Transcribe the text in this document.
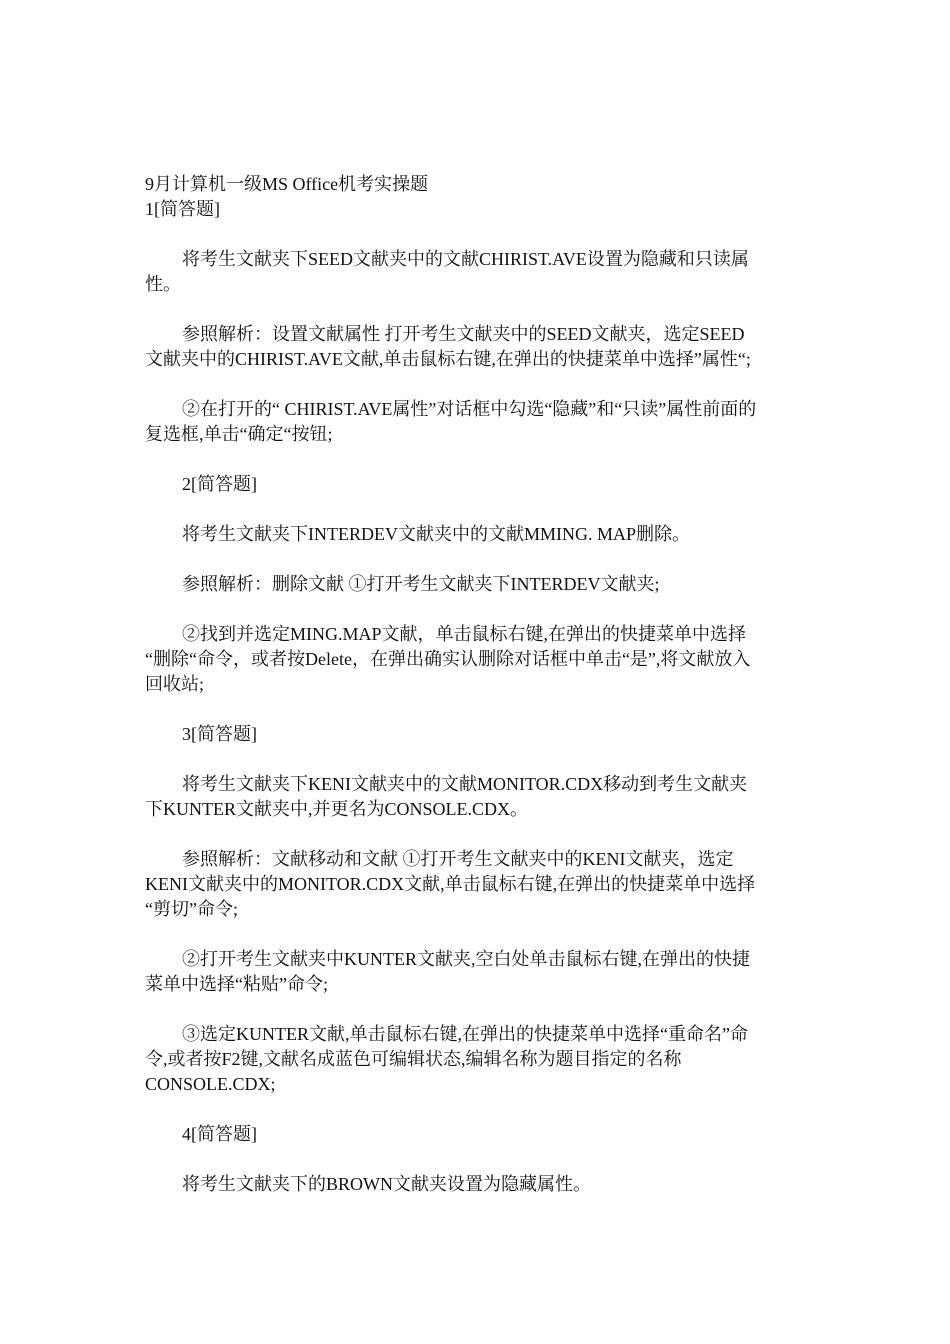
9月计算机一级MS Office机考实操题
1[简答题]
将考生文献夹下SEED文献夹中的文献CHIRIST.AVE设置为隐藏和只读属
性。
参照解析：设置文献属性 打开考生文献夹中的SEED文献夹，选定SEED
文献夹中的CHIRIST.AVE文献,单击鼠标右键,在弹出的快捷菜单中选择”属性“;
②在打开的“ CHIRIST.AVE属性”对话框中勾选“隐藏”和“只读”属性前面的
复选框,单击“确定“按钮;
2[简答题]
将考生文献夹下INTERDEV文献夹中的文献MMING. MAP删除。
参照解析：删除文献 ①打开考生文献夹下INTERDEV文献夹;
②找到并选定MING.MAP文献，单击鼠标右键,在弹出的快捷菜单中选择
“删除“命令，或者按Delete，在弹出确实认删除对话框中单击“是”,将文献放入
回收站;
3[简答题]
将考生文献夹下KENI文献夹中的文献MONITOR.CDX移动到考生文献夹
下KUNTER文献夹中,并更名为CONSOLE.CDX。
参照解析：文献移动和文献 ①打开考生文献夹中的KENI文献夹，选定
KENI文献夹中的MONITOR.CDX文献,单击鼠标右键,在弹出的快捷菜单中选择
“剪切”命令;
②打开考生文献夹中KUNTER文献夹,空白处单击鼠标右键,在弹出的快捷
菜单中选择“粘贴”命令;
③选定KUNTER文献,单击鼠标右键,在弹出的快捷菜单中选择“重命名”命
令,或者按F2键,文献名成蓝色可编辑状态,编辑名称为题目指定的名称
CONSOLE.CDX;
4[简答题]
将考生文献夹下的BROWN文献夹设置为隐藏属性。
